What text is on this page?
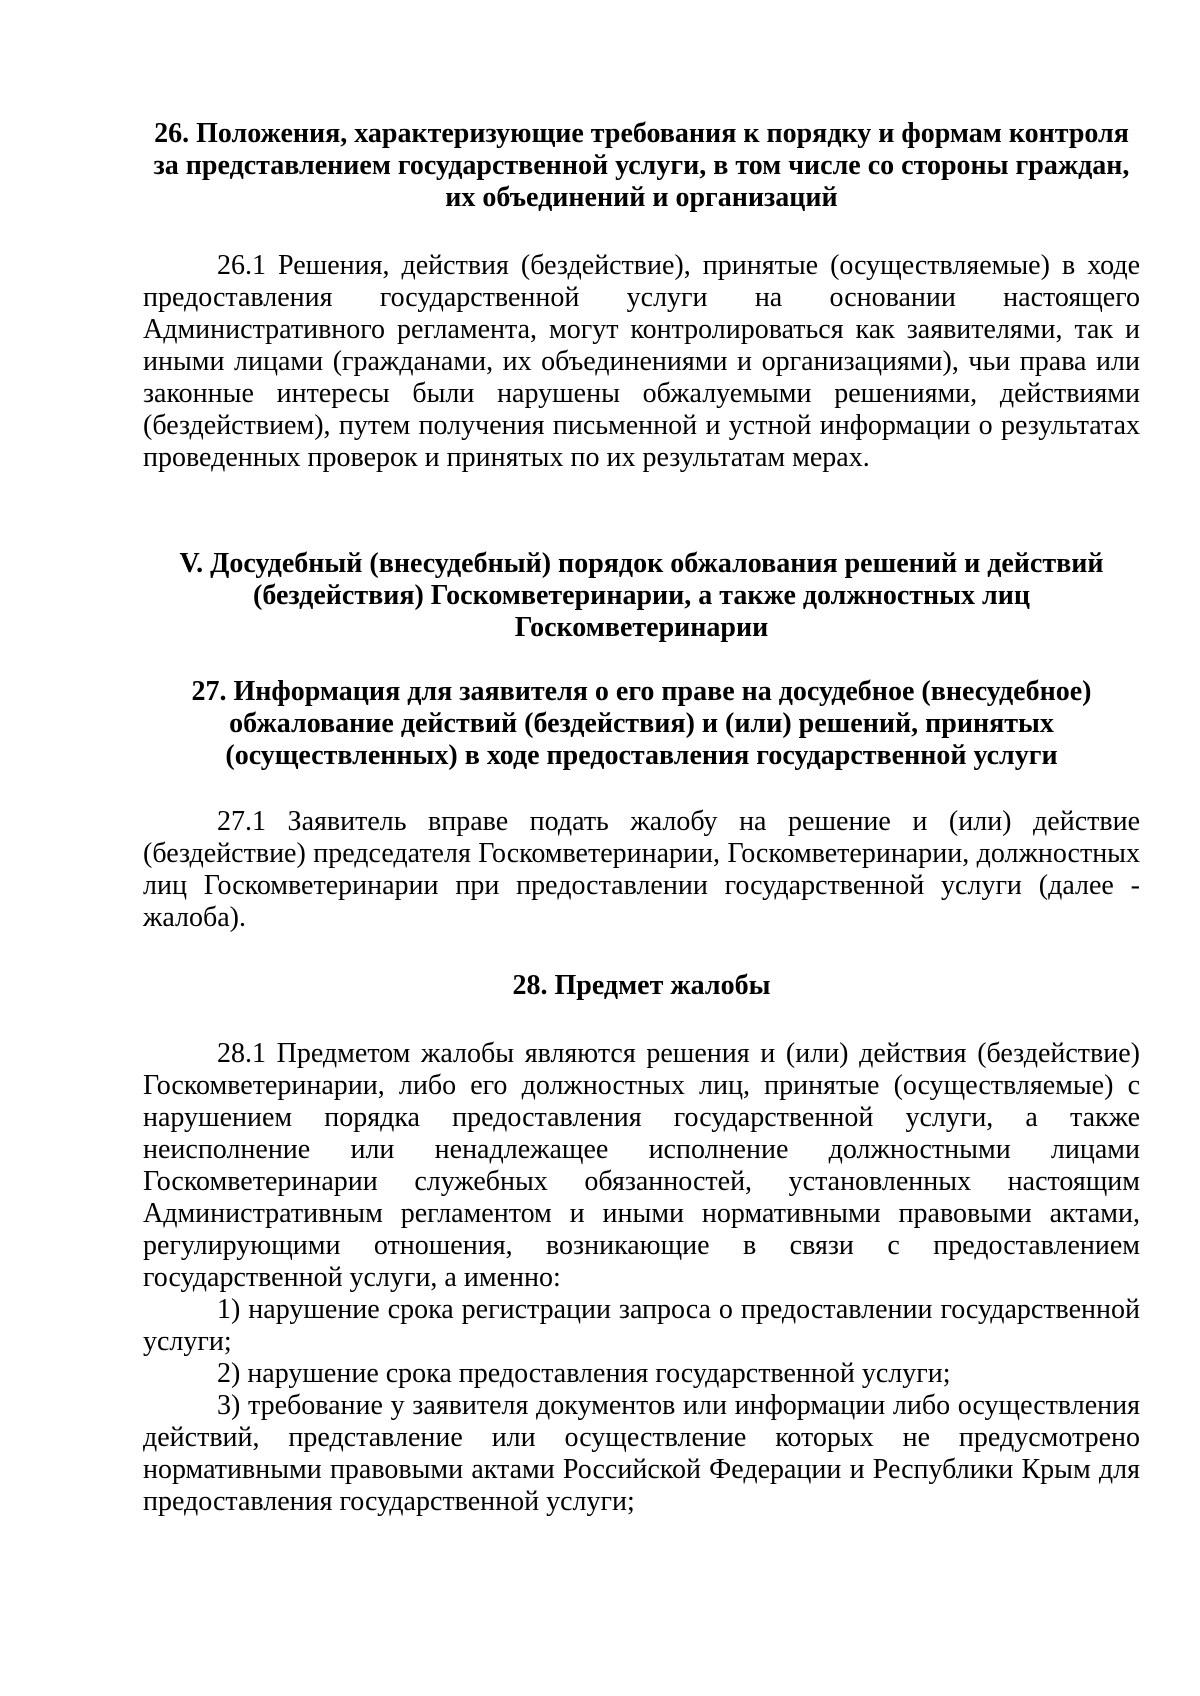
26. Положения, характеризующие требования к порядку и формам контроля за представлением государственной услуги, в том числе со стороны граждан, их объединений и организаций

26.1 Решения, действия (бездействие), принятые (осуществляемые) в ходе предоставления государственной услуги на основании настоящего Административного регламента, могут контролироваться как заявителями, так и иными лицами (гражданами, их объединениями и организациями), чьи права или законные интересы были нарушены обжалуемыми решениями, действиями (бездействием), путем получения письменной и устной информации о результатах проведенных проверок и принятых по их результатам мерах.

V. Досудебный (внесудебный) порядок обжалования решений и действий (бездействия) Госкомветеринарии, а также должностных лиц Госкомветеринарии

27. Информация для заявителя о его праве на досудебное (внесудебное) обжалование действий (бездействия) и (или) решений, принятых (осуществленных) в ходе предоставления государственной услуги

27.1 Заявитель вправе подать жалобу на решение и (или) действие (бездействие) председателя Госкомветеринарии, Госкомветеринарии, должностных лиц Госкомветеринарии при предоставлении государственной услуги (далее - жалоба).

28. Предмет жалобы

28.1 Предметом жалобы являются решения и (или) действия (бездействие) Госкомветеринарии, либо его должностных лиц, принятые (осуществляемые) с нарушением порядка предоставления государственной услуги, а также неисполнение или ненадлежащее исполнение должностными лицами Госкомветеринарии служебных обязанностей, установленных настоящим Административным регламентом и иными нормативными правовыми актами, регулирующими отношения, возникающие в связи с предоставлением государственной услуги, а именно:

1) нарушение срока регистрации запроса о предоставлении государственной услуги;

2) нарушение срока предоставления государственной услуги;

3) требование у заявителя документов или информации либо осуществления действий, представление или осуществление которых не предусмотрено нормативными правовыми актами Российской Федерации и Республики Крым для предоставления государственной услуги;
